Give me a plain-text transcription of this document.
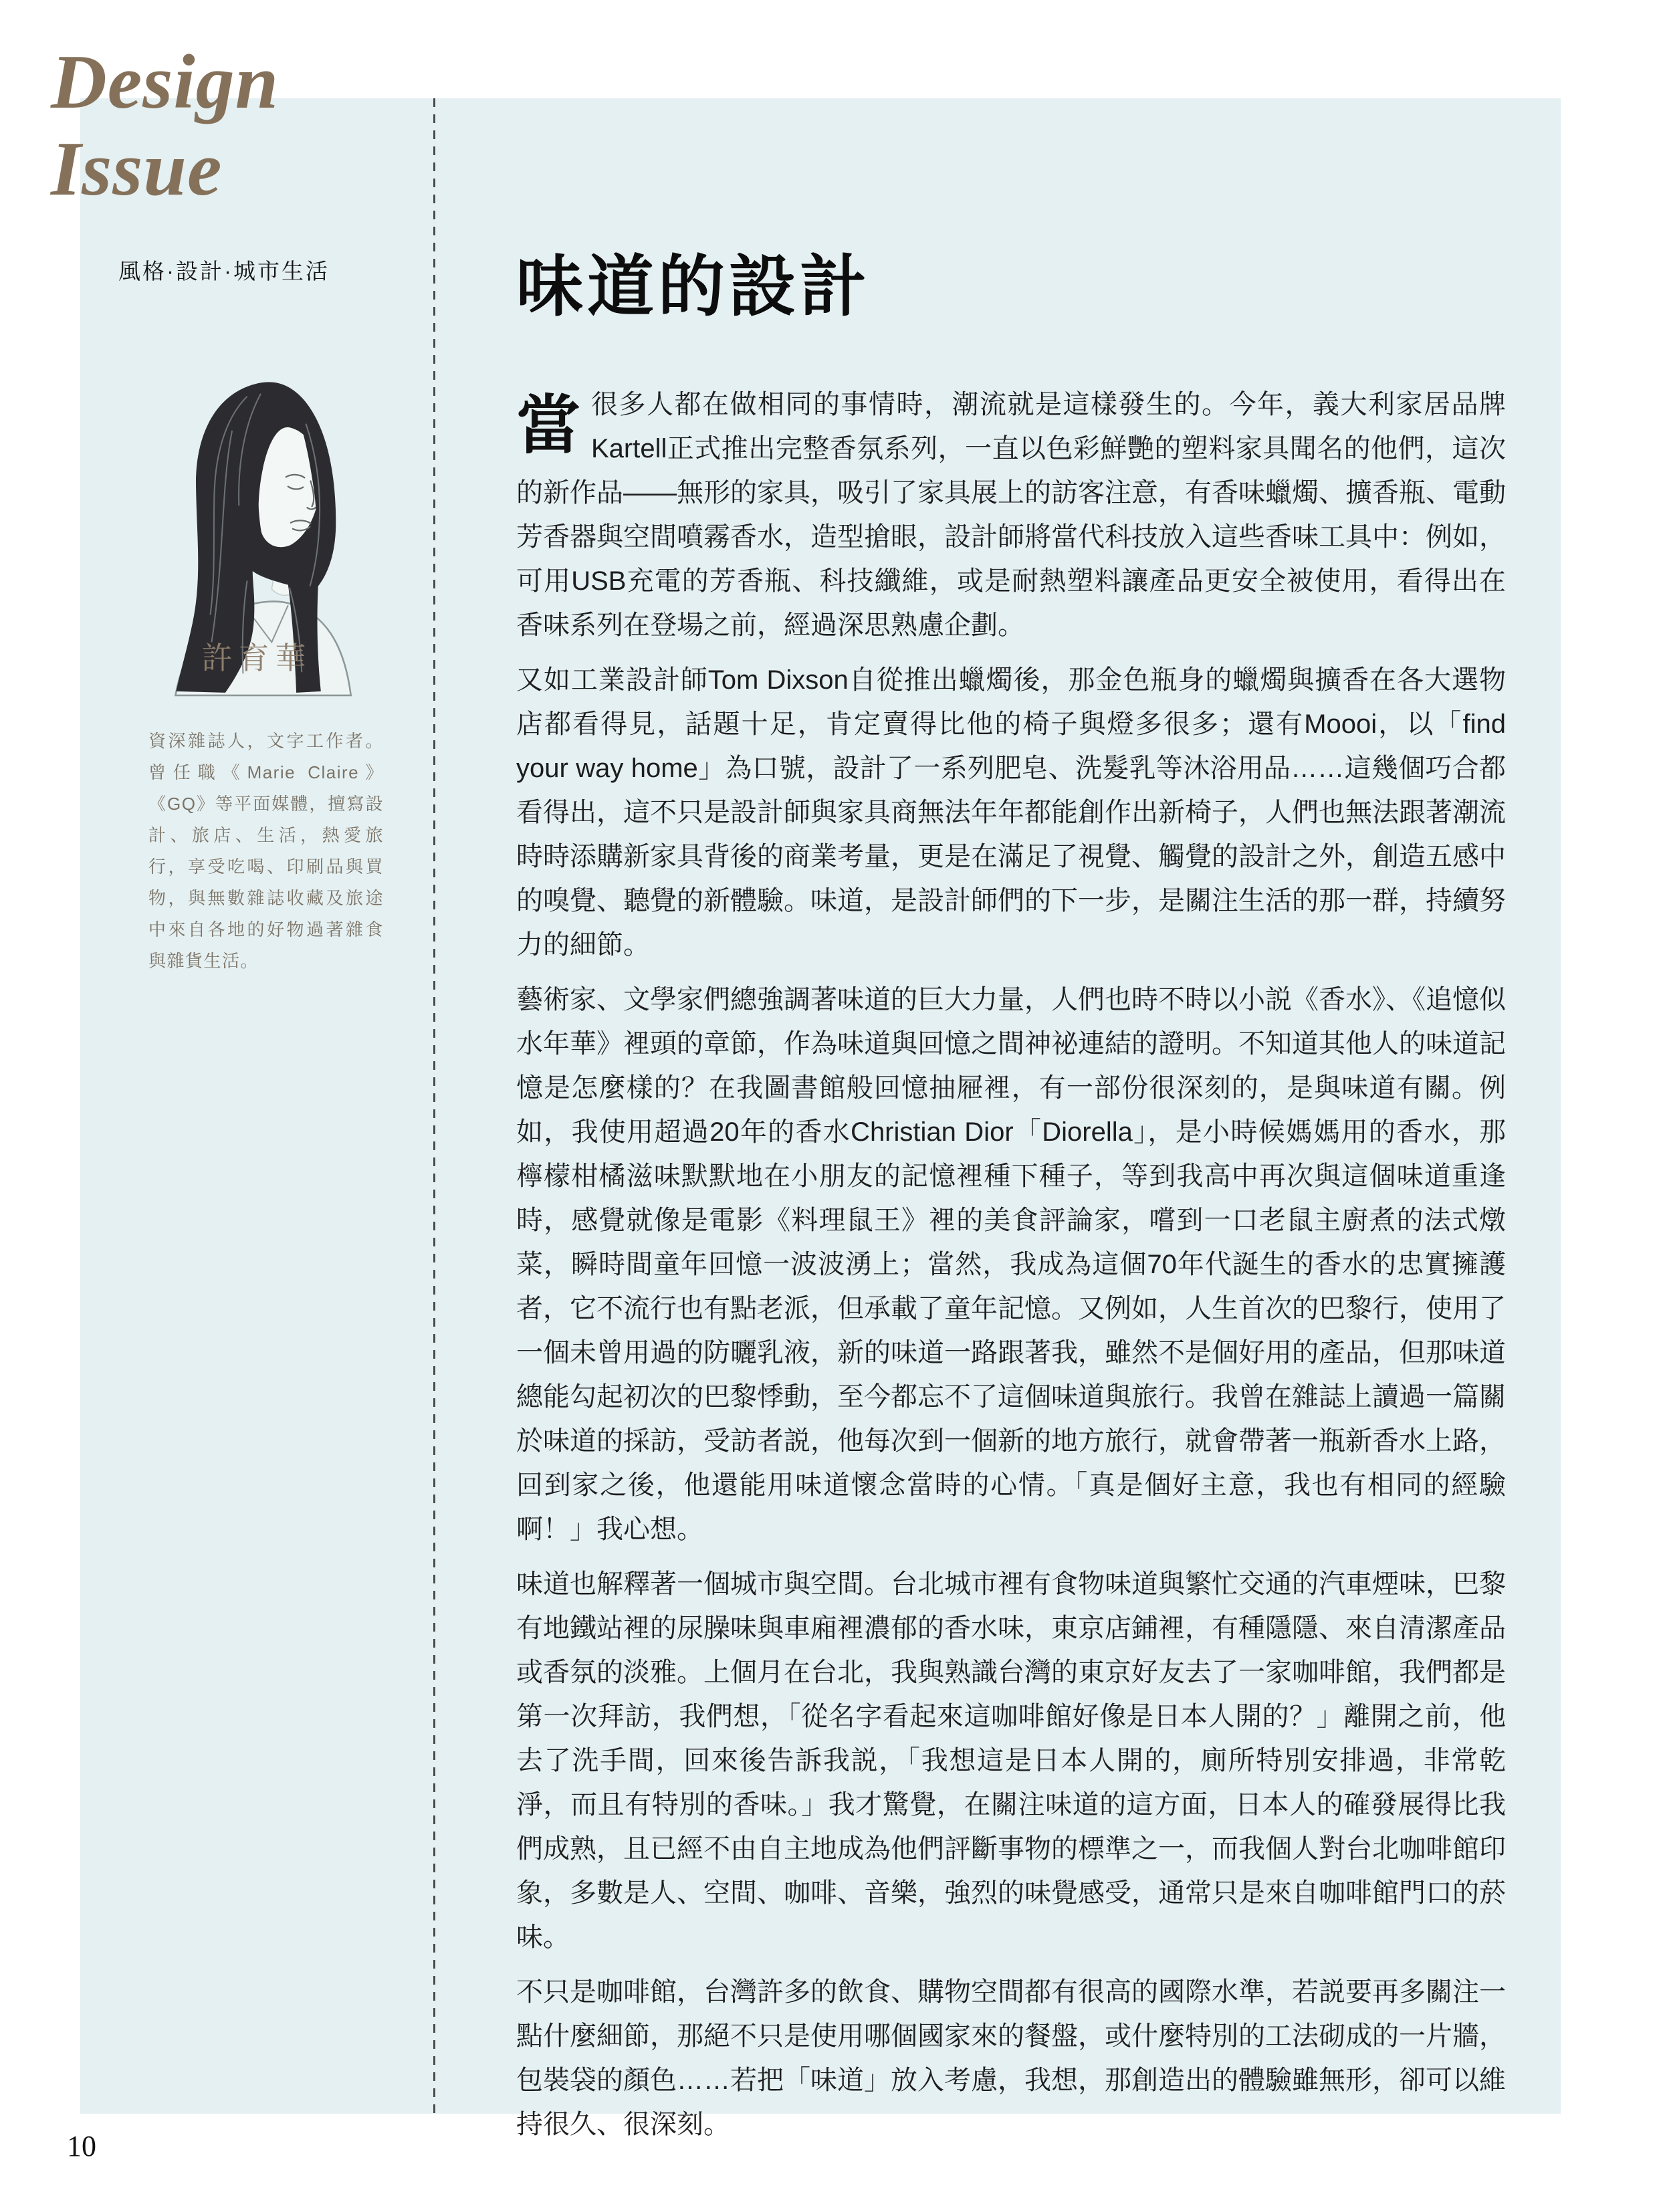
Design
Issue
風格·設計·城市生活
許育華
資深雜誌人，文字工作者。曾任職《Marie Claire》《GQ》等平面媒體，擅寫設計、旅店、生活，熱愛旅行，享受吃喝、印刷品與買物，與無數雜誌收藏及旅途中來自各地的好物過著雜食與雜貨生活。
味道的設計

當很多人都在做相同的事情時，潮流就是這樣發生的。今年，義大利家居品牌Kartell正式推出完整香氛系列，一直以色彩鮮艷的塑料家具聞名的他們，這次的新作品——無形的家具，吸引了家具展上的訪客注意，有香味蠟燭、擴香瓶、電動芳香器與空間噴霧香水，造型搶眼，設計師將當代科技放入這些香味工具中：例如，可用USB充電的芳香瓶、科技纖維，或是耐熱塑料讓產品更安全被使用，看得出在香味系列在登場之前，經過深思熟慮企劃。

又如工業設計師Tom Dixson自從推出蠟燭後，那金色瓶身的蠟燭與擴香在各大選物店都看得見，話題十足，肯定賣得比他的椅子與燈多很多；還有Moooi，以「find your way home」為口號，設計了一系列肥皂、洗髮乳等沐浴用品……這幾個巧合都看得出，這不只是設計師與家具商無法年年都能創作出新椅子，人們也無法跟著潮流時時添購新家具背後的商業考量，更是在滿足了視覺、觸覺的設計之外，創造五感中的嗅覺、聽覺的新體驗。味道，是設計師們的下一步，是關注生活的那一群，持續努力的細節。

藝術家、文學家們總強調著味道的巨大力量，人們也時不時以小説《香水》、《追憶似水年華》裡頭的章節，作為味道與回憶之間神祕連結的證明。不知道其他人的味道記憶是怎麼樣的？在我圖書館般回憶抽屜裡，有一部份很深刻的，是與味道有關。例如，我使用超過20年的香水Christian Dior「Diorella」，是小時候媽媽用的香水，那檸檬柑橘滋味默默地在小朋友的記憶裡種下種子，等到我高中再次與這個味道重逢時，感覺就像是電影《料理鼠王》裡的美食評論家，嚐到一口老鼠主廚煮的法式燉菜，瞬時間童年回憶一波波湧上；當然，我成為這個70年代誕生的香水的忠實擁護者，它不流行也有點老派，但承載了童年記憶。又例如，人生首次的巴黎行，使用了一個未曾用過的防曬乳液，新的味道一路跟著我，雖然不是個好用的產品，但那味道總能勾起初次的巴黎悸動，至今都忘不了這個味道與旅行。我曾在雜誌上讀過一篇關於味道的採訪，受訪者説，他每次到一個新的地方旅行，就會帶著一瓶新香水上路，回到家之後，他還能用味道懷念當時的心情。「真是個好主意，我也有相同的經驗啊！」我心想。

味道也解釋著一個城市與空間。台北城市裡有食物味道與繁忙交通的汽車煙味，巴黎有地鐵站裡的尿臊味與車廂裡濃郁的香水味，東京店鋪裡，有種隱隱、來自清潔產品或香氛的淡雅。上個月在台北，我與熟識台灣的東京好友去了一家咖啡館，我們都是第一次拜訪，我們想，「從名字看起來這咖啡館好像是日本人開的？」離開之前，他去了洗手間，回來後告訴我説，「我想這是日本人開的，廁所特別安排過，非常乾淨，而且有特別的香味。」我才驚覺，在關注味道的這方面，日本人的確發展得比我們成熟，且已經不由自主地成為他們評斷事物的標準之一，而我個人對台北咖啡館印象，多數是人、空間、咖啡、音樂，強烈的味覺感受，通常只是來自咖啡館門口的菸味。

不只是咖啡館，台灣許多的飲食、購物空間都有很高的國際水準，若説要再多關注一點什麼細節，那絕不只是使用哪個國家來的餐盤，或什麼特別的工法砌成的一片牆，包裝袋的顏色……若把「味道」放入考慮，我想，那創造出的體驗雖無形，卻可以維持很久、很深刻。

10
